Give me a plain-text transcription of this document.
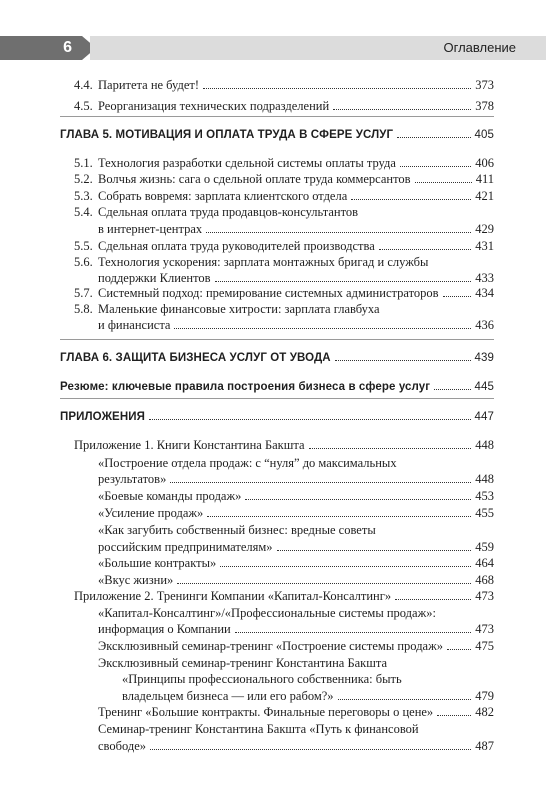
6	Оглавление
4.4. Паритета не будет!	373
4.5. Реорганизация технических подразделений	378
ГЛАВА 5. МОТИВАЦИЯ И ОПЛАТА ТРУДА В СФЕРЕ УСЛУГ	405
5.1. Технология разработки сдельной системы оплаты труда	406
5.2. Волчья жизнь: сага о сдельной оплате труда коммерсантов	411
5.3. Собрать вовремя: зарплата клиентского отдела	421
5.4. Сдельная оплата труда продавцов-консультантов
в интернет-центрах	429
5.5. Сдельная оплата труда руководителей производства	431
5.6. Технология ускорения: зарплата монтажных бригад и службы
поддержки Клиентов	433
5.7. Системный подход: премирование системных администраторов	434
5.8. Маленькие финансовые хитрости: зарплата главбуха
и финансиста	436
ГЛАВА 6. ЗАЩИТА БИЗНЕСА УСЛУГ ОТ УВОДА	439
Резюме: ключевые правила построения бизнеса в сфере услуг	445
ПРИЛОЖЕНИЯ	447
Приложение 1. Книги Константина Бакшта	448
«Построение отдела продаж: с “нуля” до максимальных
результатов»	448
«Боевые команды продаж»	453
«Усиление продаж»	455
«Как загубить собственный бизнес: вредные советы
российским предпринимателям»	459
«Большие контракты»	464
«Вкус жизни»	468
Приложение 2. Тренинги Компании «Капитал-Консалтинг»	473
«Капитал-Консалтинг»/«Профессиональные системы продаж»:
информация о Компании	473
Эксклюзивный семинар-тренинг «Построение системы продаж»	475
Эксклюзивный семинар-тренинг Константина Бакшта
«Принципы профессионального собственника: быть
владельцем бизнеса — или его рабом?»	479
Тренинг «Большие контракты. Финальные переговоры о цене»	482
Семинар-тренинг Константина Бакшта «Путь к финансовой
свободе»	487
